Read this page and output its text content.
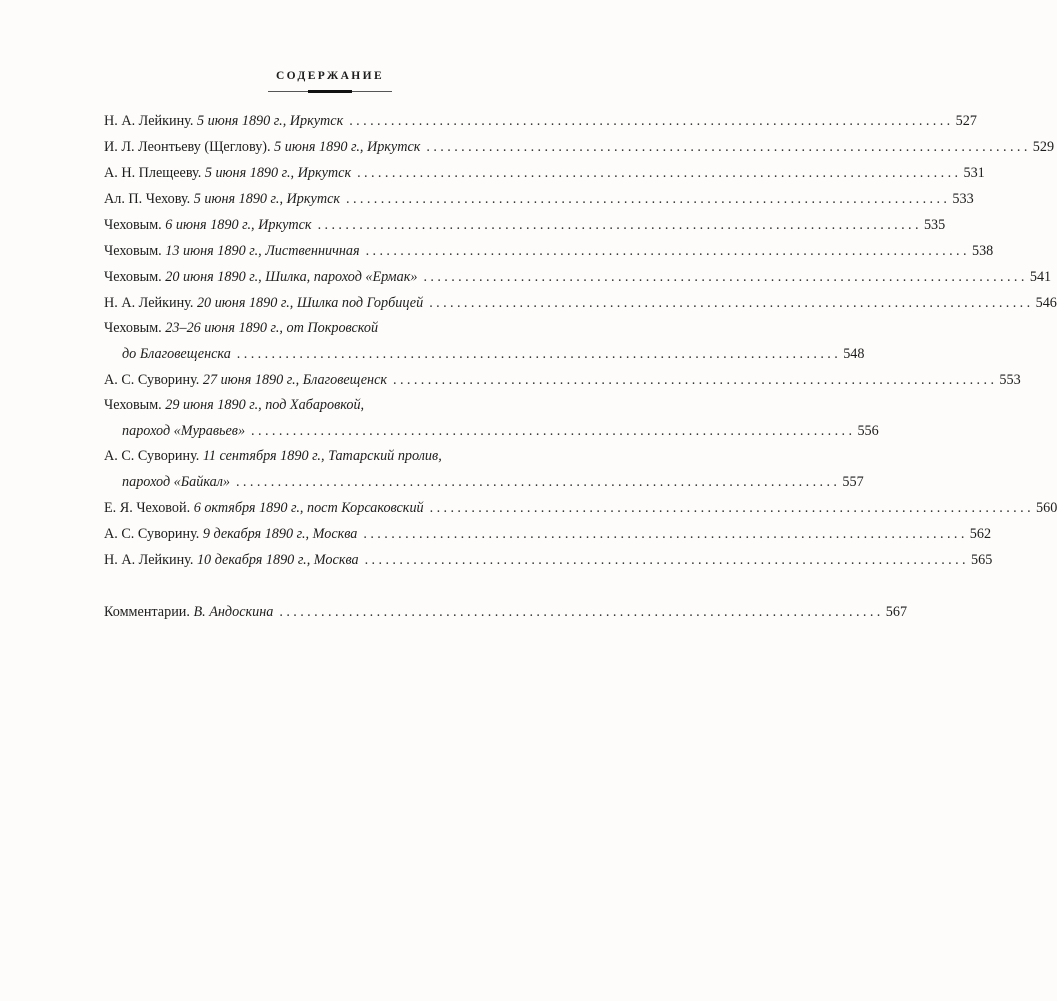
СОДЕРЖАНИЕ
Н. А. Лейкину. 5 июня 1890 г., Иркутск ....................................................................................... 527
И. Л. Леонтьеву (Щеглову). 5 июня 1890 г., Иркутск ....................................................................................... 529
А. Н. Плещееву. 5 июня 1890 г., Иркутск ....................................................................................... 531
Ал. П. Чехову. 5 июня 1890 г., Иркутск ....................................................................................... 533
Чеховым. 6 июня 1890 г., Иркутск ....................................................................................... 535
Чеховым. 13 июня 1890 г., Лиственничная ....................................................................................... 538
Чеховым. 20 июня 1890 г., Шилка, пароход «Ермак» ....................................................................................... 541
Н. А. Лейкину. 20 июня 1890 г., Шилка под Горбицей ....................................................................................... 546
Чеховым. 23–26 июня 1890 г., от Покровской
до Благовещенска ....................................................................................... 548
А. С. Суворину. 27 июня 1890 г., Благовещенск ....................................................................................... 553
Чеховым. 29 июня 1890 г., под Хабаровкой,
пароход «Муравьев» ....................................................................................... 556
А. С. Суворину. 11 сентября 1890 г., Татарский пролив,
пароход «Байкал» ....................................................................................... 557
Е. Я. Чеховой. 6 октября 1890 г., пост Корсаковский ....................................................................................... 560
А. С. Суворину. 9 декабря 1890 г., Москва ....................................................................................... 562
Н. А. Лейкину. 10 декабря 1890 г., Москва ....................................................................................... 565
Комментарии. В. Андоскина ....................................................................................... 567
